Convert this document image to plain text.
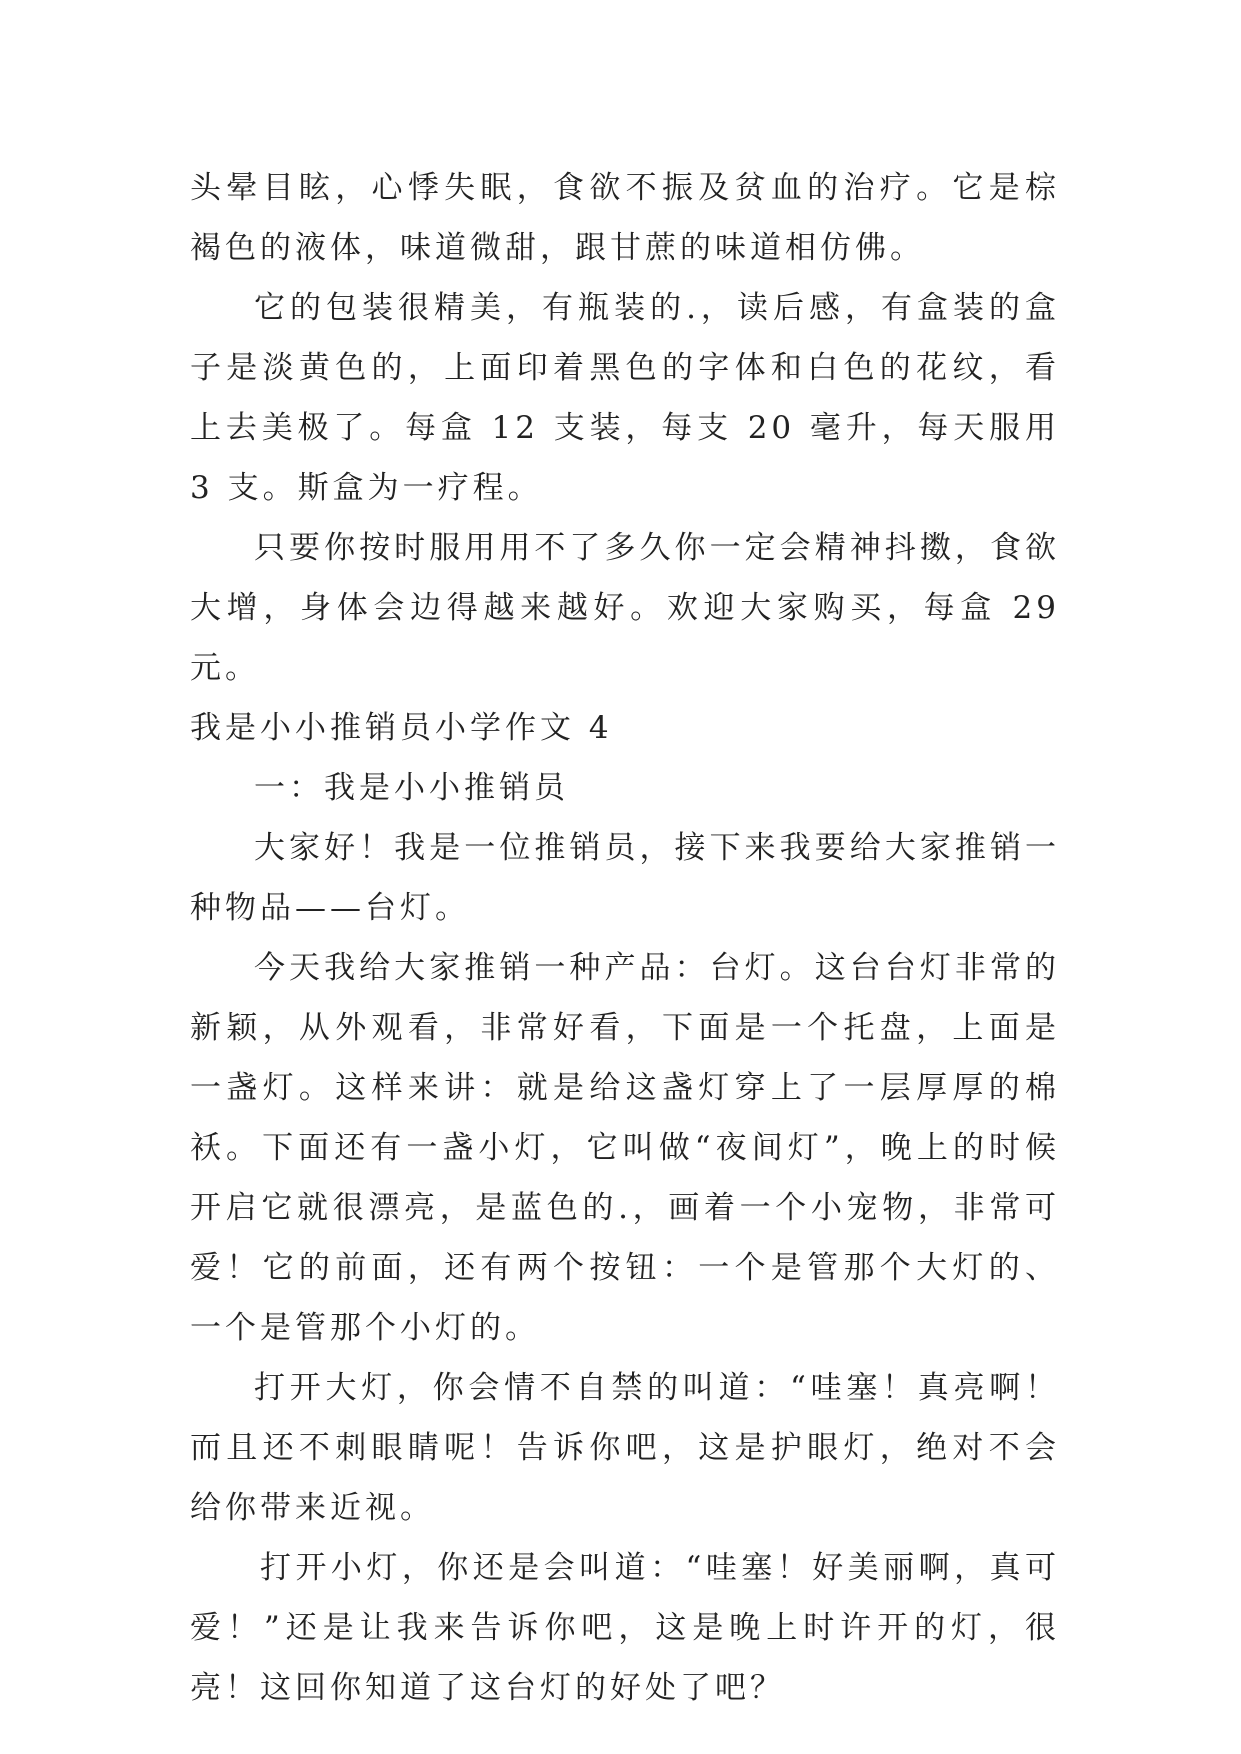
头晕目眩，心悸失眠，食欲不振及贫血的治疗。它是棕褐色的液体，味道微甜，跟甘蔗的味道相仿佛。

它的包装很精美，有瓶装的.，读后感，有盒装的盒子是淡黄色的，上面印着黑色的字体和白色的花纹，看上去美极了。每盒 12 支装，每支 20 毫升，每天服用 3 支。斯盒为一疗程。

只要你按时服用用不了多久你一定会精神抖擞，食欲大增，身体会边得越来越好。欢迎大家购买，每盒 29 元。

我是小小推销员小学作文 4

一：我是小小推销员

大家好！我是一位推销员，接下来我要给大家推销一种物品——台灯。

今天我给大家推销一种产品：台灯。这台台灯非常的新颖，从外观看，非常好看，下面是一个托盘，上面是一盏灯。这样来讲：就是给这盏灯穿上了一层厚厚的棉袄。下面还有一盏小灯，它叫做“夜间灯”，晚上的时候开启它就很漂亮，是蓝色的.，画着一个小宠物，非常可爱！它的前面，还有两个按钮：一个是管那个大灯的、一个是管那个小灯的。

打开大灯，你会情不自禁的叫道：“哇塞！真亮啊！而且还不刺眼睛呢！告诉你吧，这是护眼灯，绝对不会给你带来近视。

打开小灯，你还是会叫道：“哇塞！好美丽啊，真可爱！”还是让我来告诉你吧，这是晚上时许开的灯，很亮！这回你知道了这台灯的好处了吧？
